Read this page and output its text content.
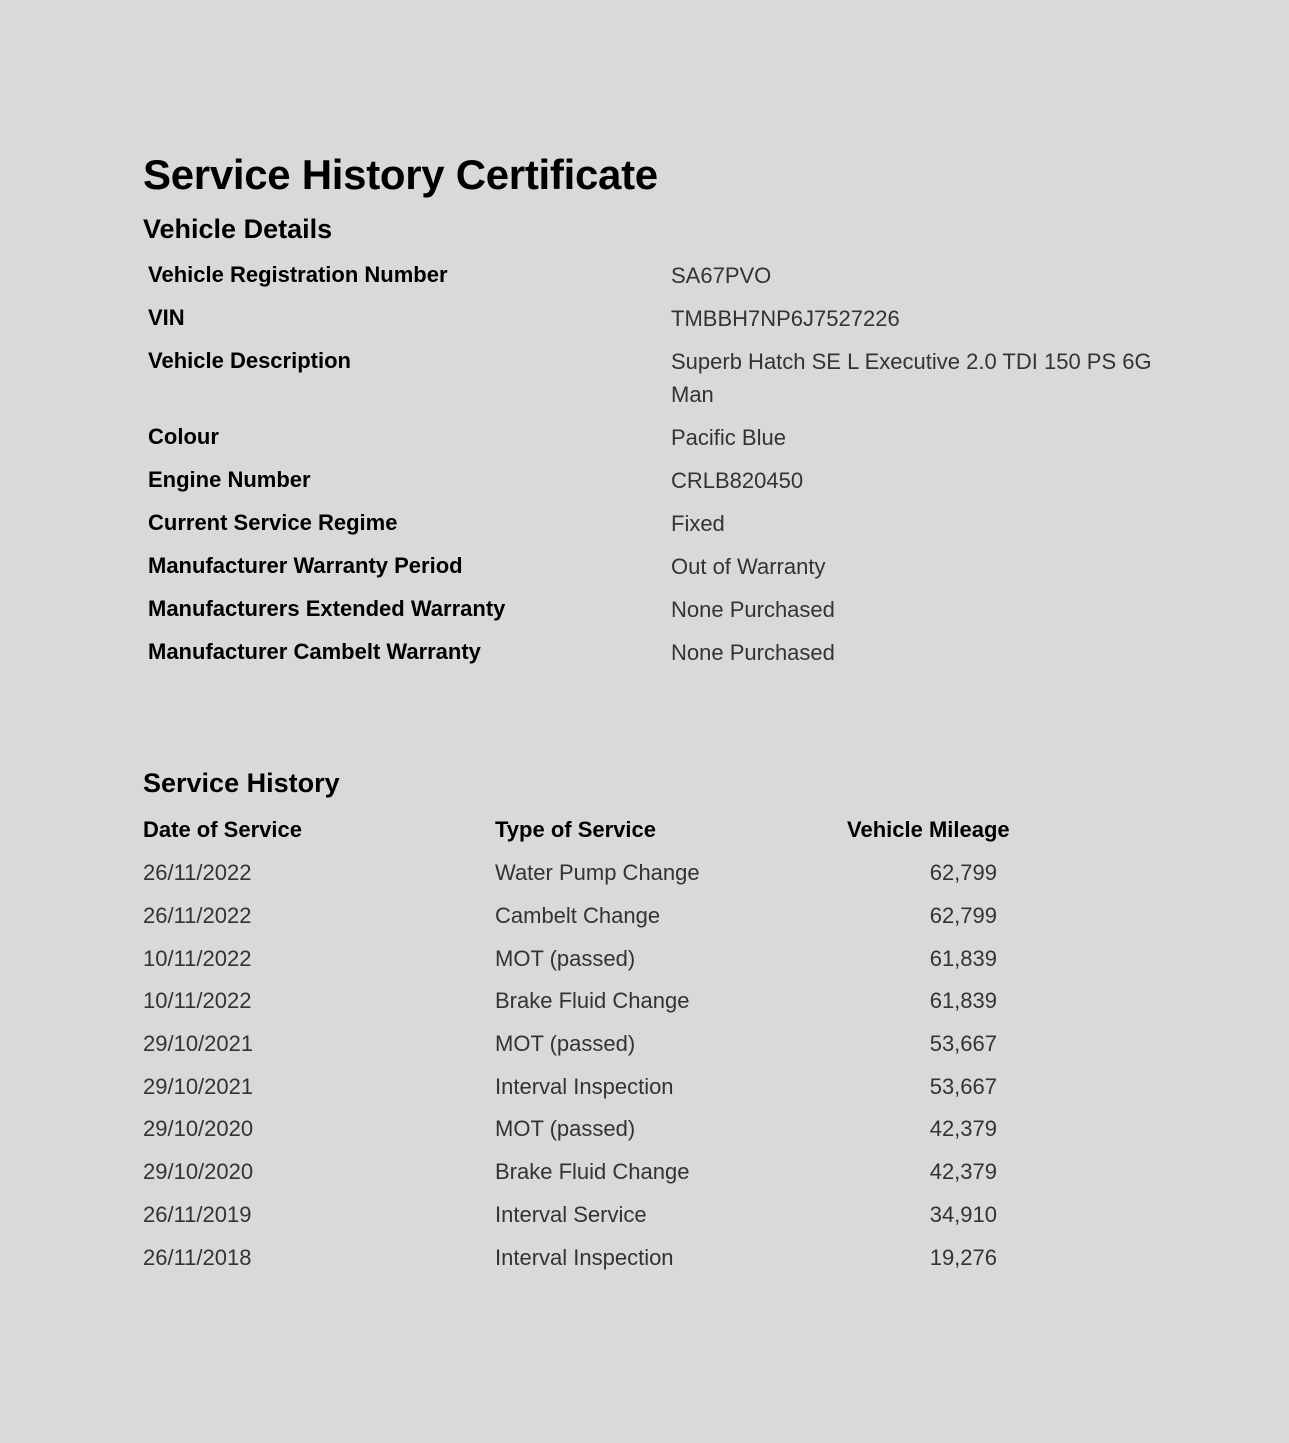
Service History Certificate
Vehicle Details
Vehicle Registration Number	SA67PVO
VIN	TMBBH7NP6J7527226
Vehicle Description	Superb Hatch SE L Executive 2.0 TDI 150 PS 6G Man
Colour	Pacific Blue
Engine Number	CRLB820450
Current Service Regime	Fixed
Manufacturer Warranty Period	Out of Warranty
Manufacturers Extended Warranty	None Purchased
Manufacturer Cambelt Warranty	None Purchased
Service History
Date of Service	Type of Service	Vehicle Mileage
26/11/2022	Water Pump Change	62,799
26/11/2022	Cambelt Change	62,799
10/11/2022	MOT (passed)	61,839
10/11/2022	Brake Fluid Change	61,839
29/10/2021	MOT (passed)	53,667
29/10/2021	Interval Inspection	53,667
29/10/2020	MOT (passed)	42,379
29/10/2020	Brake Fluid Change	42,379
26/11/2019	Interval Service	34,910
26/11/2018	Interval Inspection	19,276
